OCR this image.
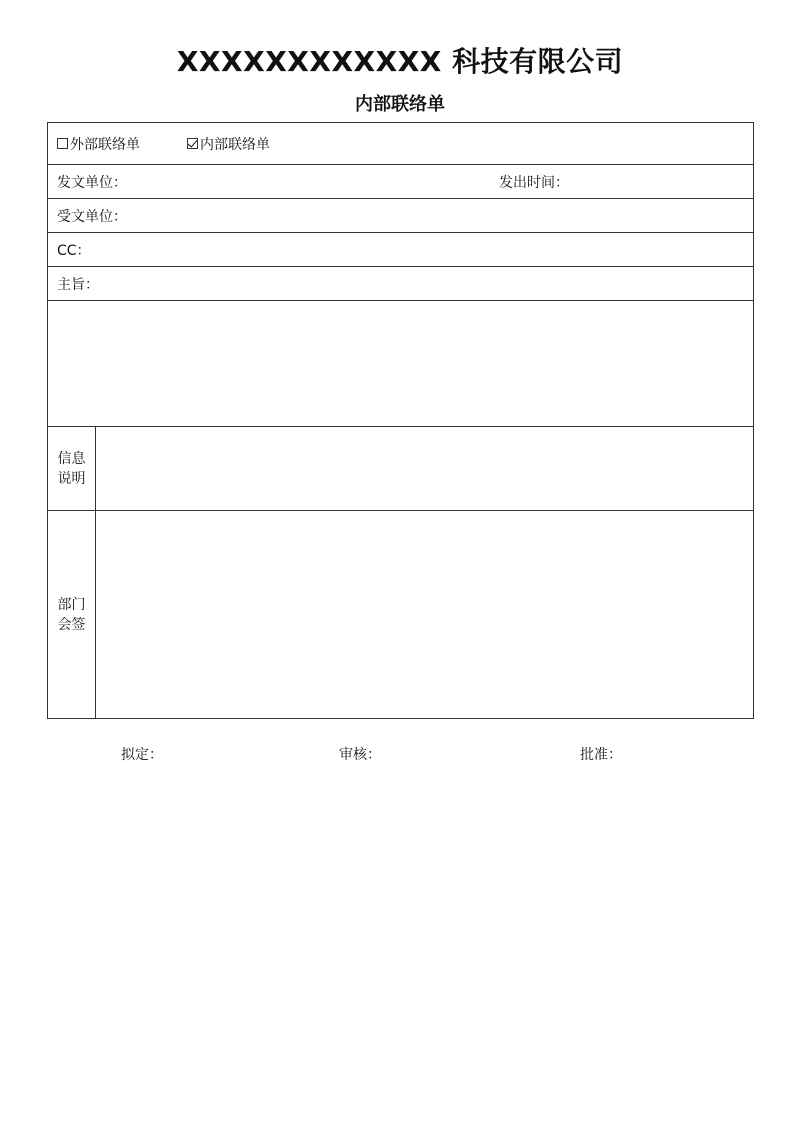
XXXXXXXXXXXX 科技有限公司
内部联络单
外部联络单	内部联络单
发文单位：	发出时间：
受文单位：
CC：
主旨：
信息
说明
部门
会签
拟定：	审核：	批准：
